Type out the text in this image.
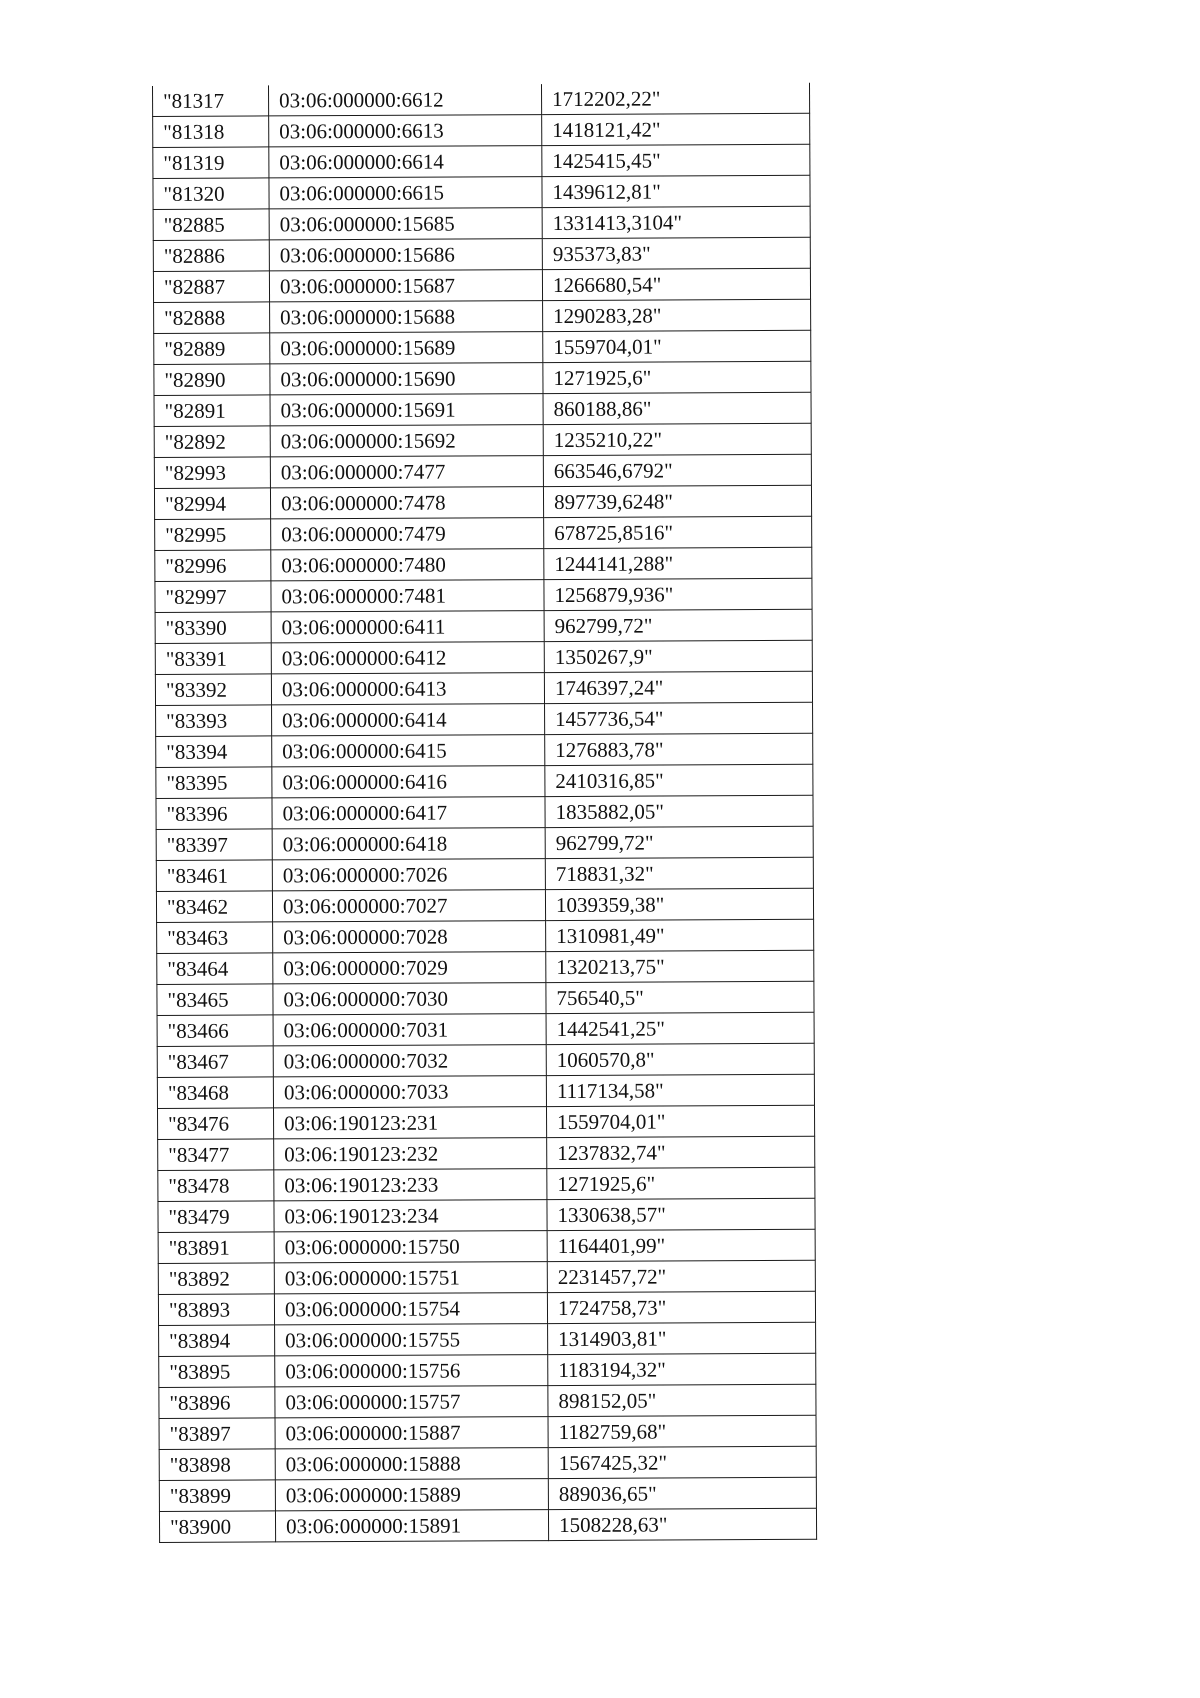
"81317	03:06:000000:6612	1712202,22"
"81318	03:06:000000:6613	1418121,42"
"81319	03:06:000000:6614	1425415,45"
"81320	03:06:000000:6615	1439612,81"
"82885	03:06:000000:15685	1331413,3104"
"82886	03:06:000000:15686	935373,83"
"82887	03:06:000000:15687	1266680,54"
"82888	03:06:000000:15688	1290283,28"
"82889	03:06:000000:15689	1559704,01"
"82890	03:06:000000:15690	1271925,6"
"82891	03:06:000000:15691	860188,86"
"82892	03:06:000000:15692	1235210,22"
"82993	03:06:000000:7477	663546,6792"
"82994	03:06:000000:7478	897739,6248"
"82995	03:06:000000:7479	678725,8516"
"82996	03:06:000000:7480	1244141,288"
"82997	03:06:000000:7481	1256879,936"
"83390	03:06:000000:6411	962799,72"
"83391	03:06:000000:6412	1350267,9"
"83392	03:06:000000:6413	1746397,24"
"83393	03:06:000000:6414	1457736,54"
"83394	03:06:000000:6415	1276883,78"
"83395	03:06:000000:6416	2410316,85"
"83396	03:06:000000:6417	1835882,05"
"83397	03:06:000000:6418	962799,72"
"83461	03:06:000000:7026	718831,32"
"83462	03:06:000000:7027	1039359,38"
"83463	03:06:000000:7028	1310981,49"
"83464	03:06:000000:7029	1320213,75"
"83465	03:06:000000:7030	756540,5"
"83466	03:06:000000:7031	1442541,25"
"83467	03:06:000000:7032	1060570,8"
"83468	03:06:000000:7033	1117134,58"
"83476	03:06:190123:231	1559704,01"
"83477	03:06:190123:232	1237832,74"
"83478	03:06:190123:233	1271925,6"
"83479	03:06:190123:234	1330638,57"
"83891	03:06:000000:15750	1164401,99"
"83892	03:06:000000:15751	2231457,72"
"83893	03:06:000000:15754	1724758,73"
"83894	03:06:000000:15755	1314903,81"
"83895	03:06:000000:15756	1183194,32"
"83896	03:06:000000:15757	898152,05"
"83897	03:06:000000:15887	1182759,68"
"83898	03:06:000000:15888	1567425,32"
"83899	03:06:000000:15889	889036,65"
"83900	03:06:000000:15891	1508228,63"
